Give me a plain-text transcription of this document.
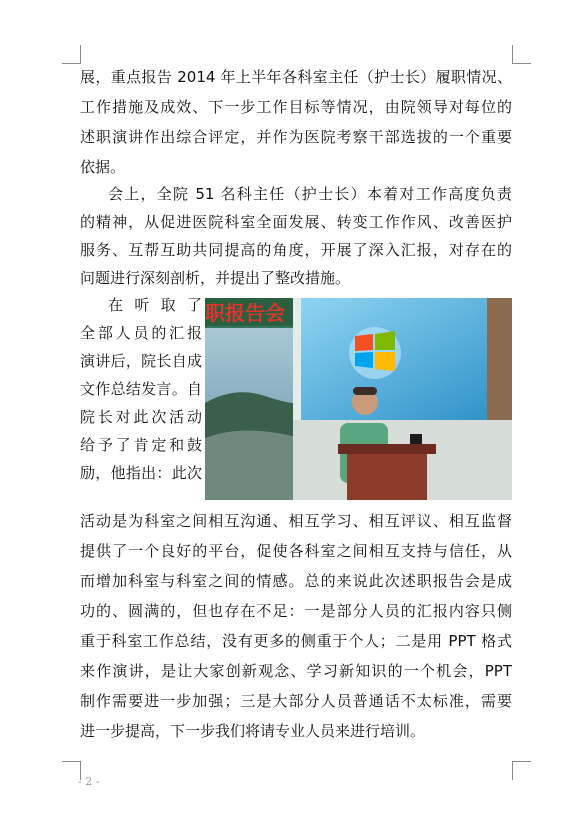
展，重点报告 2014 年上半年各科室主任（护士长）履职情况、
工作措施及成效、下一步工作目标等情况，由院领导对每位的
述职演讲作出综合评定，并作为医院考察干部选拔的一个重要
依据。
会上，全院 51 名科主任（护士长）本着对工作高度负责
的精神，从促进医院科室全面发展、转变工作作风、改善医护
服务、互帮互助共同提高的角度，开展了深入汇报，对存在的
问题进行深刻剖析，并提出了整改措施。
在 听 取 了
全部人员的汇报
演讲后，院长自成
文作总结发言。自
院长对此次活动
给予了肯定和鼓
励，他指出：此次
职报告会
活动是为科室之间相互沟通、相互学习、相互评议、相互监督
提供了一个良好的平台，促使各科室之间相互支持与信任，从
而增加科室与科室之间的情感。总的来说此次述职报告会是成
功的、圆满的，但也存在不足：一是部分人员的汇报内容只侧
重于科室工作总结，没有更多的侧重于个人；二是用 PPT 格式
来作演讲，是让大家创新观念、学习新知识的一个机会，PPT
制作需要进一步加强；三是大部分人员普通话不太标准，需要
进一步提高，下一步我们将请专业人员来进行培训。
- 2 -
